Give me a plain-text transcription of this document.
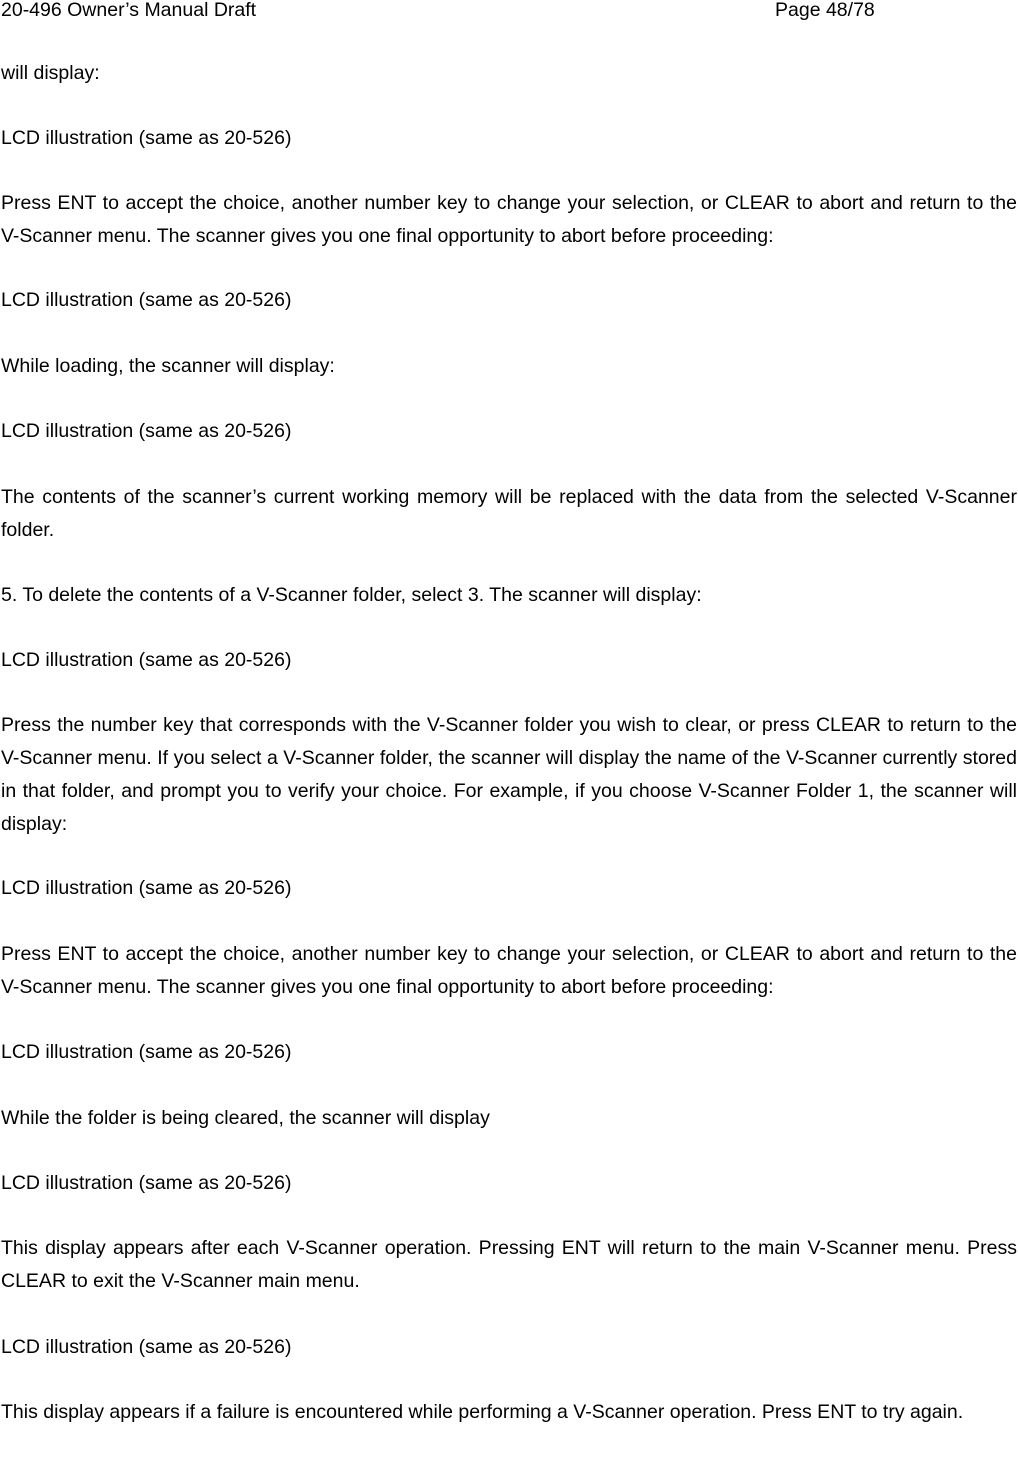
20-496 Owner’s Manual Draft	Page 48/78

will display:

LCD illustration (same as 20-526)

Press ENT to accept the choice, another number key to change your selection, or CLEAR to abort and return to the V-Scanner menu. The scanner gives you one final opportunity to abort before proceeding:

LCD illustration (same as 20-526)

While loading, the scanner will display:

LCD illustration (same as 20-526)

The contents of the scanner’s current working memory will be replaced with the data from the selected V-Scanner folder.

5. To delete the contents of a V-Scanner folder, select 3. The scanner will display:

LCD illustration (same as 20-526)

Press the number key that corresponds with the V-Scanner folder you wish to clear, or press CLEAR to return to the V-Scanner menu. If you select a V-Scanner folder, the scanner will display the name of the V-Scanner currently stored in that folder, and prompt you to verify your choice. For example, if you choose V-Scanner Folder 1, the scanner will display:

LCD illustration (same as 20-526)

Press ENT to accept the choice, another number key to change your selection, or CLEAR to abort and return to the V-Scanner menu. The scanner gives you one final opportunity to abort before proceeding:

LCD illustration (same as 20-526)

While the folder is being cleared, the scanner will display

LCD illustration (same as 20-526)

This display appears after each V-Scanner operation. Pressing ENT will return to the main V-Scanner menu. Press CLEAR to exit the V-Scanner main menu.

LCD illustration (same as 20-526)

This display appears if a failure is encountered while performing a V-Scanner operation. Press ENT to try again.
